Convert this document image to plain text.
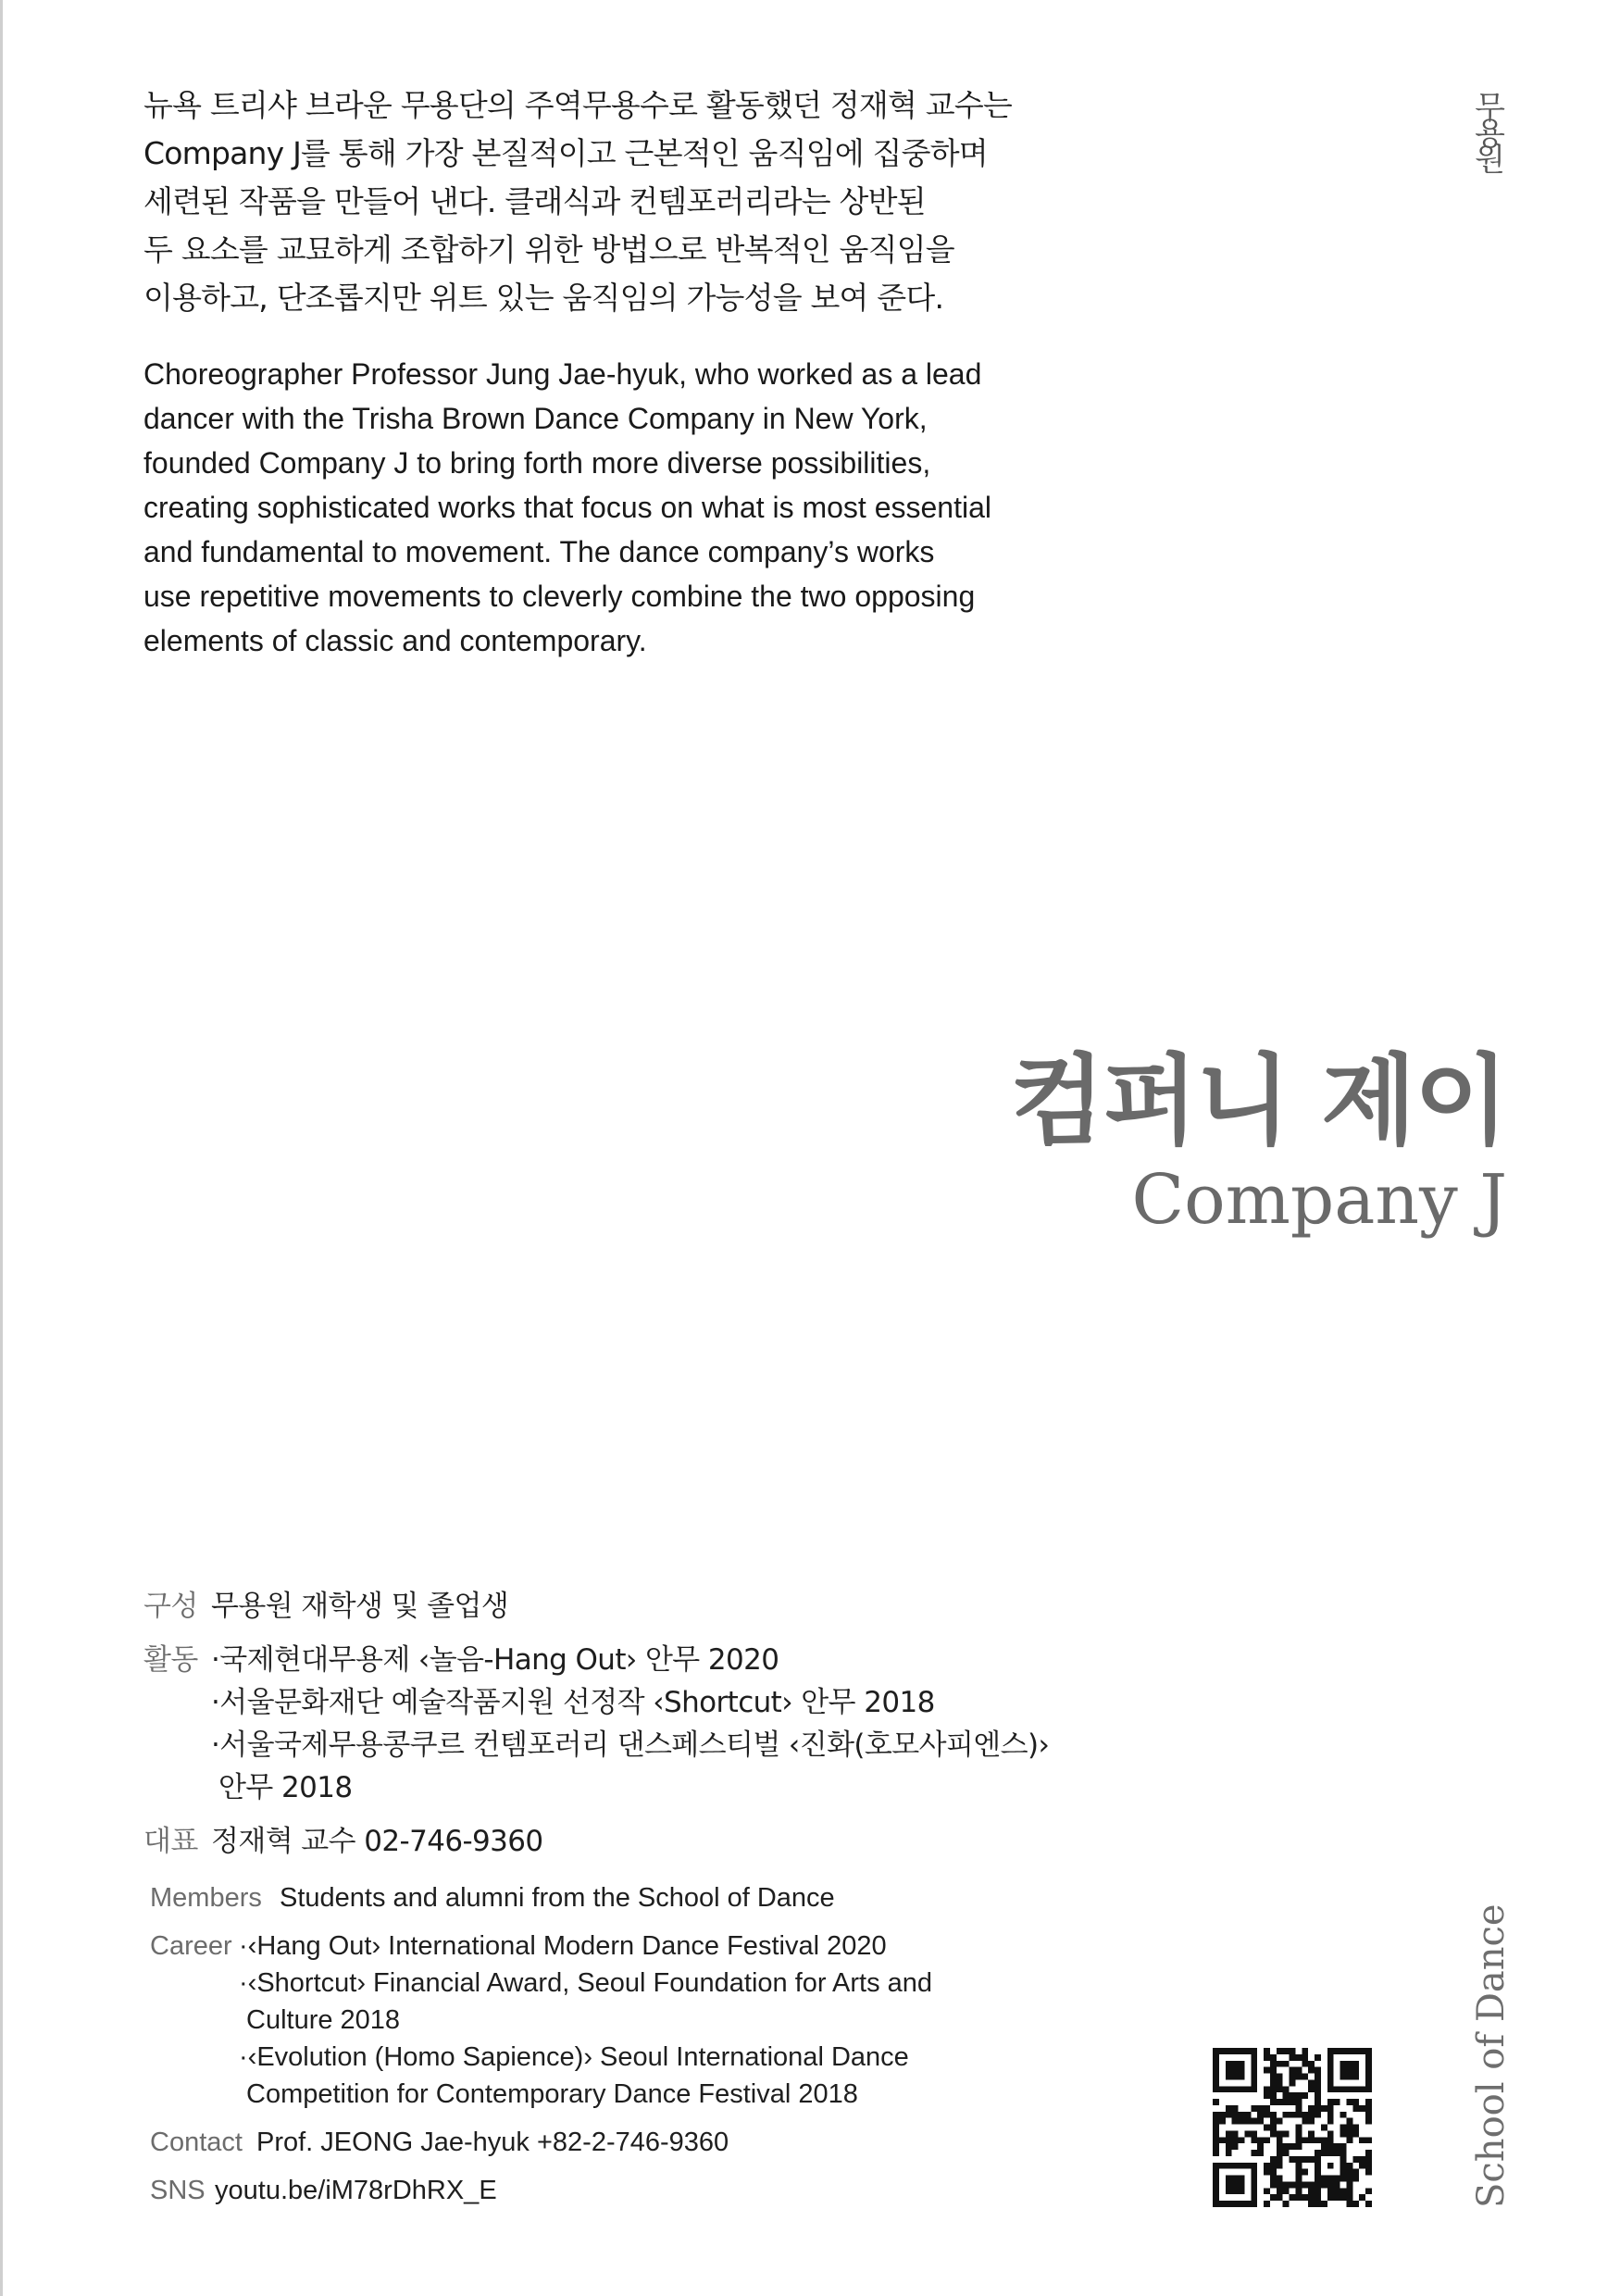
뉴욕 트리샤 브라운 무용단의 주역무용수로 활동했던 정재혁 교수는
Company J를 통해 가장 본질적이고 근본적인 움직임에 집중하며
세련된 작품을 만들어 낸다. 클래식과 컨템포러리라는 상반된
두 요소를 교묘하게 조합하기 위한 방법으로 반복적인 움직임을
이용하고, 단조롭지만 위트 있는 움직임의 가능성을 보여 준다.
Choreographer Professor Jung Jae-hyuk, who worked as a lead
dancer with the Trisha Brown Dance Company in New York,
founded Company J to bring forth more diverse possibilities,
creating sophisticated works that focus on what is most essential
and fundamental to movement. The dance company’s works
use repetitive movements to cleverly combine the two opposing
elements of classic and contemporary.
무용원
School of Dance
컴퍼니 제이
Company J
구성 무용원 재학생 및 졸업생
활동 ·국제현대무용제 ‹놀음-Hang Out› 안무 2020
·서울문화재단 예술작품지원 선정작 ‹Shortcut› 안무 2018
·서울국제무용콩쿠르 컨템포러리 댄스페스티벌 ‹진화(호모사피엔스)›
안무 2018
대표 정재혁 교수 02-746-9360
Members Students and alumni from the School of Dance
Career ·‹Hang Out› International Modern Dance Festival 2020
·‹Shortcut› Financial Award, Seoul Foundation for Arts and
Culture 2018
·‹Evolution (Homo Sapience)› Seoul International Dance
Competition for Contemporary Dance Festival 2018
Contact Prof. JEONG Jae-hyuk +82-2-746-9360
SNS youtu.be/iM78rDhRX_E
